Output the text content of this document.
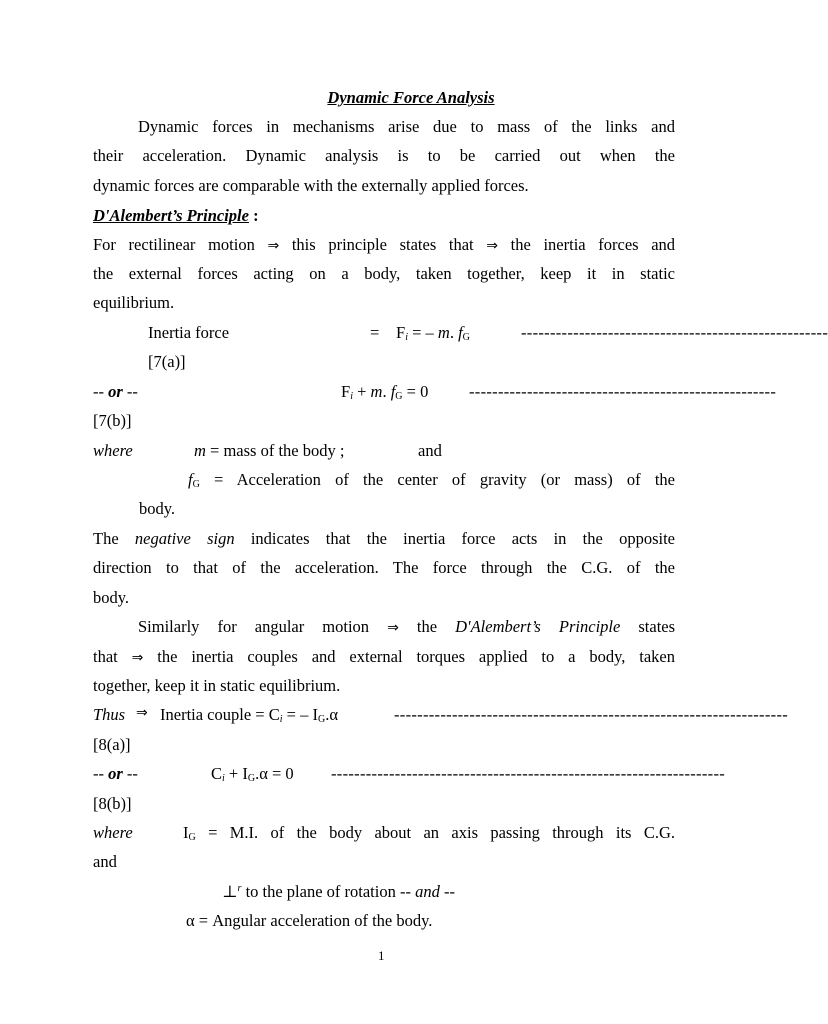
Dynamic Force Analysis
Dynamic forces in mechanisms arise due to mass of the links and
their acceleration. Dynamic analysis is to be carried out when the
dynamic forces are comparable with the externally applied forces.
D'Alembert’s Principle :
For rectilinear motion ⇒ this principle states that ⇒ the inertia forces and
the external forces acting on a body, taken together, keep it in static
equilibrium.
Inertia force	= $F_i$ = – m. $f_G$	-----------------------------------------------------
[7(a)]
-- or --	$F_i + m$. $f_G = 0$ -----------------------------------------------------
[7(b)]
where	m = mass of the body ;	and
$f_G$ = Acceleration of the center of gravity (or mass) of the
body.
The negative sign indicates that the inertia force acts in the opposite
direction to that of the acceleration. The force through the C.G. of the
body.
Similarly for angular motion ⇒ the D'Alembert’s Principle states
that ⇒ the inertia couples and external torques applied to a body, taken
together, keep it in static equilibrium.
Thus ⇒ Inertia couple = $C_i$ = – $I_G.\alpha$	--------------------------------------------------------------------
[8(a)]
-- or --	$C_i + I_G.\alpha = 0$ --------------------------------------------------------------------
[8(b)]
where	$I_G = M.I$. of the body about an axis passing through its C.G.
and
⊥$^r$ to the plane of rotation -- and --
α = Angular acceleration of the body.
1
